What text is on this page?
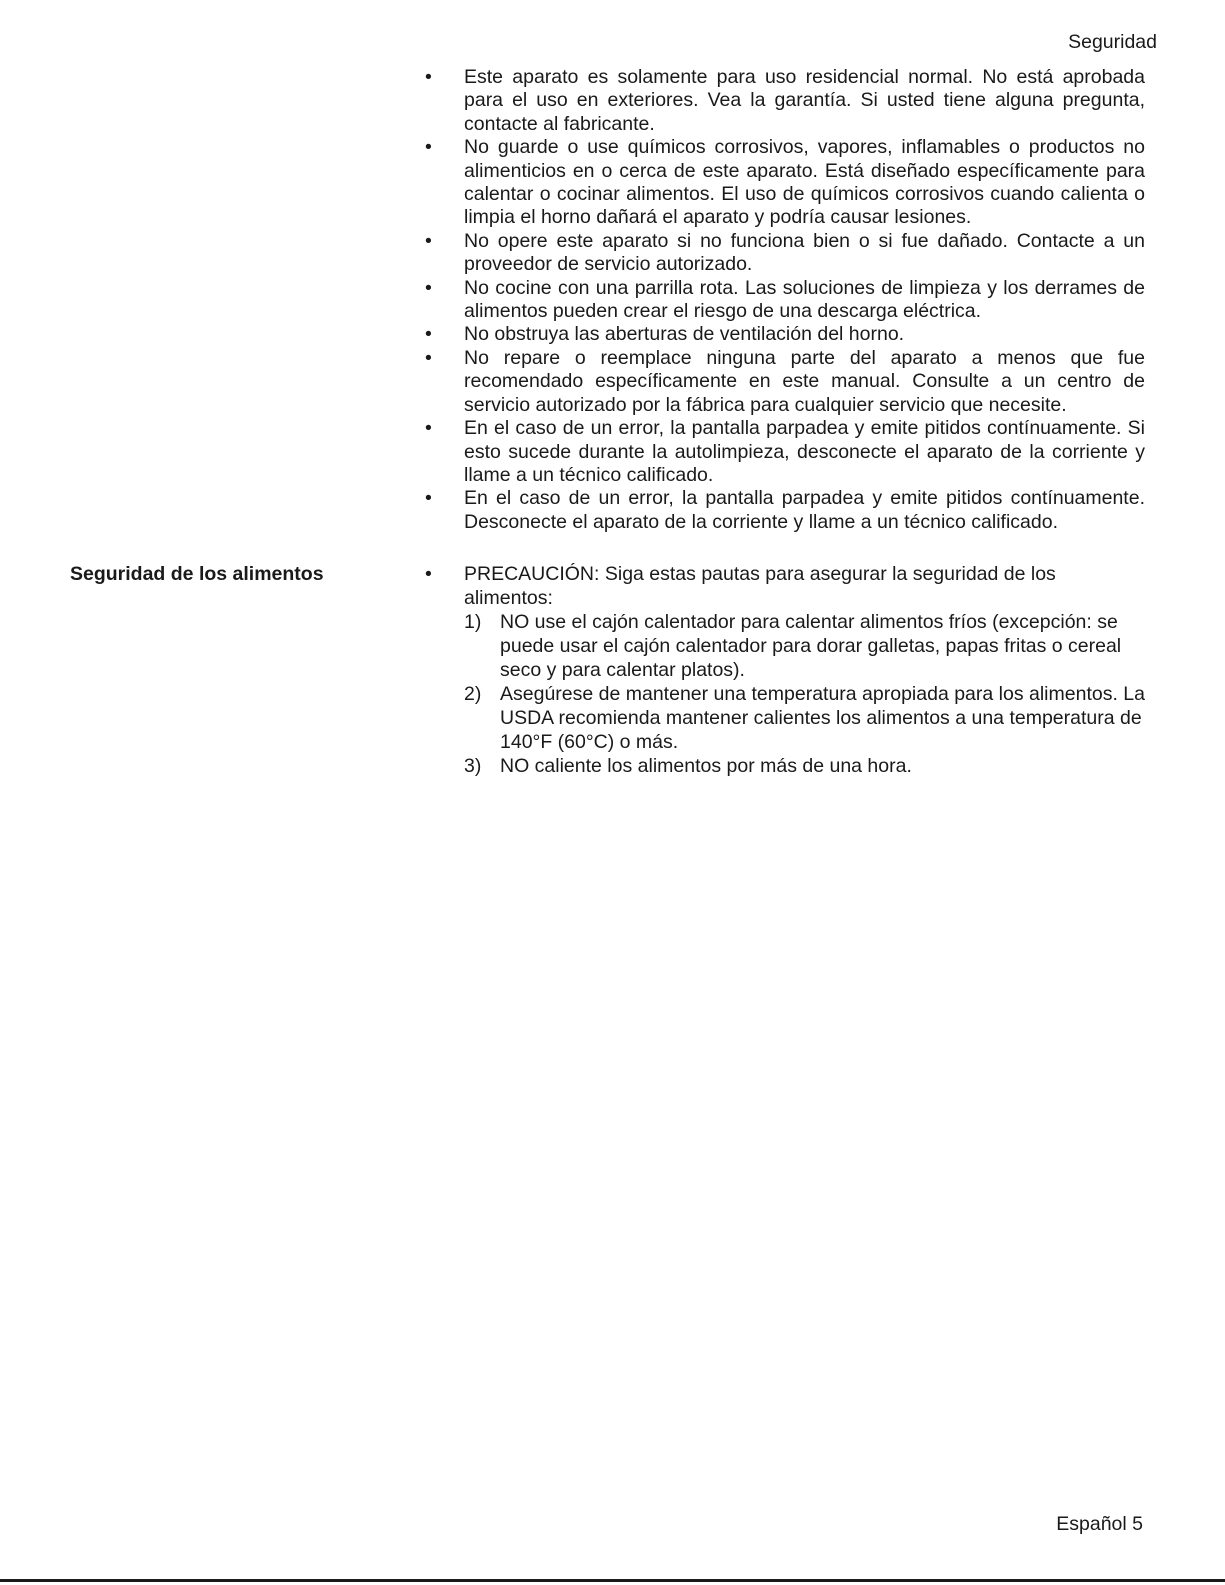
Seguridad
• Este aparato es solamente para uso residencial normal. No está aprobada para el uso en exteriores. Vea la garantía. Si usted tiene alguna pregunta, contacte al fabricante.
• No guarde o use químicos corrosivos, vapores, inflamables o productos no alimenticios en o cerca de este aparato. Está diseñado específicamente para calentar o cocinar alimentos. El uso de químicos corrosivos cuando calienta o limpia el horno dañará el aparato y podría causar lesiones.
• No opere este aparato si no funciona bien o si fue dañado. Contacte a un proveedor de servicio autorizado.
• No cocine con una parrilla rota. Las soluciones de limpieza y los derrames de alimentos pueden crear el riesgo de una descarga eléctrica.
• No obstruya las aberturas de ventilación del horno.
• No repare o reemplace ninguna parte del aparato a menos que fue recomendado específicamente en este manual. Consulte a un centro de servicio autorizado por la fábrica para cualquier servicio que necesite.
• En el caso de un error, la pantalla parpadea y emite pitidos contínuamente. Si esto sucede durante la autolimpieza, desconecte el aparato de la corriente y llame a un técnico calificado.
• En el caso de un error, la pantalla parpadea y emite pitidos contínuamente. Desconecte el aparato de la corriente y llame a un técnico calificado.
Seguridad de los alimentos	• PRECAUCIÓN: Siga estas pautas para asegurar la seguridad de los alimentos:
1) NO use el cajón calentador para calentar alimentos fríos (excepción: se puede usar el cajón calentador para dorar galletas, papas fritas o cereal seco y para calentar platos).
2) Asegúrese de mantener una temperatura apropiada para los alimentos. La USDA recomienda mantener calientes los alimentos a una temperatura de 140°F (60°C) o más.
3) NO caliente los alimentos por más de una hora.
Español 5
